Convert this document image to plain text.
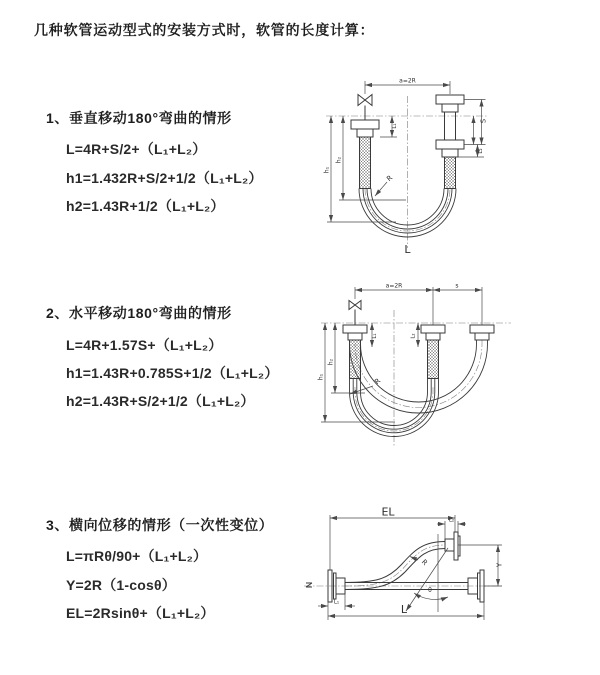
几种软管运动型式的安装方式时，软管的长度计算：
1、垂直移动180°弯曲的情形
L=4R+S/2+（L₁+L₂）
h1=1.432R+S/2+1/2（L₁+L₂）
h2=1.43R+1/2（L₁+L₂）
a=2R
h₁
h₂
L₁
S
L₂
R
L
2、水平移动180°弯曲的情形
L=4R+1.57S+（L₁+L₂）
h1=1.43R+0.785S+1/2（L₁+L₂）
h2=1.43R+S/2+1/2（L₁+L₂）
a=2R	s
h₁
h₂
L₁	L₂
R
3、横向位移的情形（一次性变位）
L=πRθ/90+（L₁+L₂）
Y=2R（1-cosθ）
EL=2Rsinθ+（L₁+L₂）
EL
L
Y
R
θ
L₁
L₂
